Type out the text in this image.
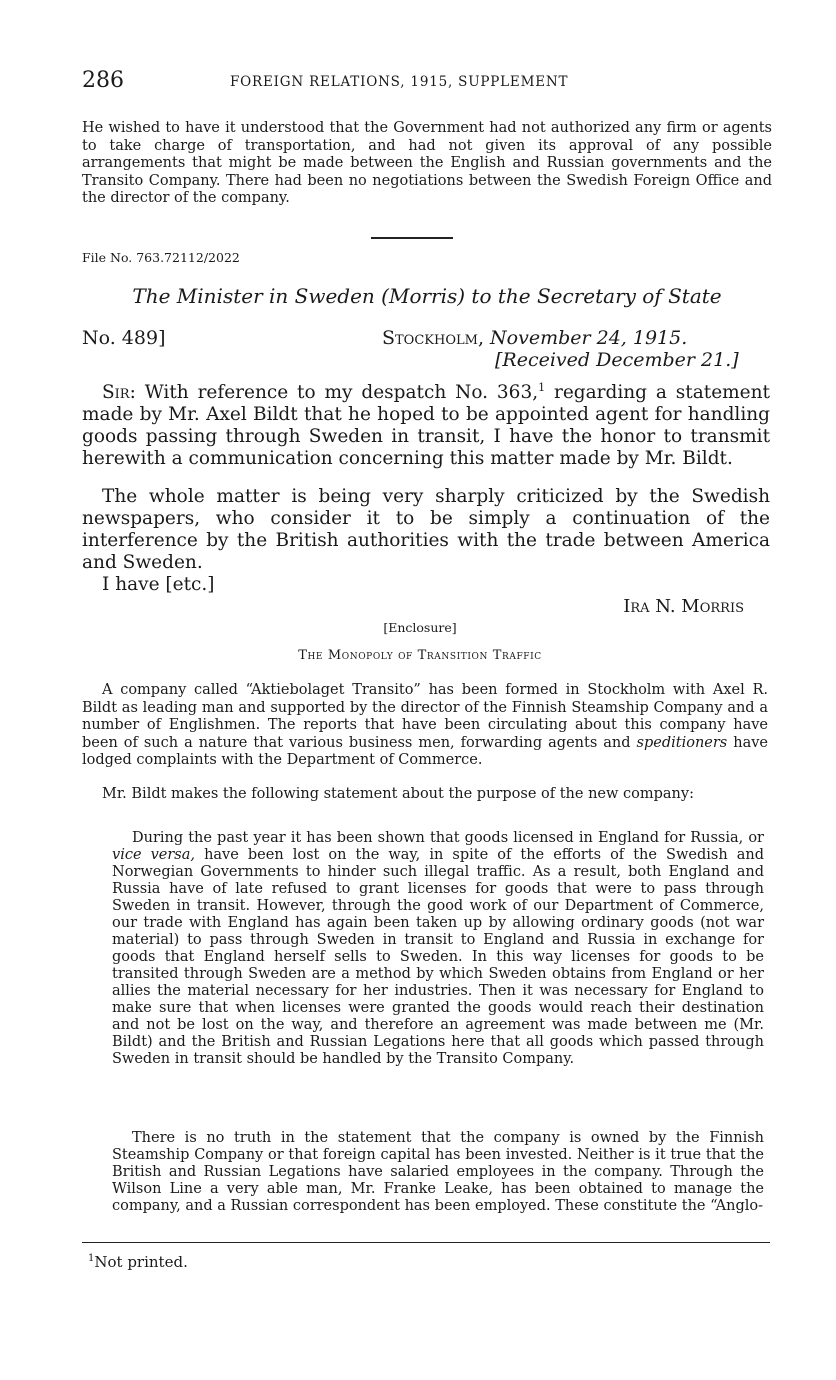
286	FOREIGN RELATIONS, 1915, SUPPLEMENT

He wished to have it understood that the Government had not authorized any firm or agents to take charge of transportation, and had not given its approval of any possible arrangements that might be made between the English and Russian governments and the Transito Company. There had been no negotiations between the Swedish Foreign Office and the director of the company.

File No. 763.72112/2022
The Minister in Sweden (Morris) to the Secretary of State
No. 489]	Stockholm, November 24, 1915.
[Received December 21.]

Sir: With reference to my despatch No. 363,$^1$ regarding a statement made by Mr. Axel Bildt that he hoped to be appointed agent for handling goods passing through Sweden in transit, I have the honor to transmit herewith a communication concerning this matter made by Mr. Bildt.

The whole matter is being very sharply criticized by the Swedish newspapers, who consider it to be simply a continuation of the interference by the British authorities with the trade between America and Sweden.

I have [etc.]

Ira N. Morris
[Enclosure]
The Monopoly of Transition Traffic

A company called “Aktiebolaget Transito” has been formed in Stockholm with Axel R. Bildt as leading man and supported by the director of the Finnish Steamship Company and a number of Englishmen. The reports that have been circulating about this company have been of such a nature that various business men, forwarding agents and speditioners have lodged complaints with the Department of Commerce.

Mr. Bildt makes the following statement about the purpose of the new company:

During the past year it has been shown that goods licensed in England for Russia, or vice versa, have been lost on the way, in spite of the efforts of the Swedish and Norwegian Governments to hinder such illegal traffic. As a result, both England and Russia have of late refused to grant licenses for goods that were to pass through Sweden in transit. However, through the good work of our Department of Commerce, our trade with England has again been taken up by allowing ordinary goods (not war material) to pass through Sweden in transit to England and Russia in exchange for goods that England herself sells to Sweden. In this way licenses for goods to be transited through Sweden are a method by which Sweden obtains from England or her allies the material necessary for her industries. Then it was necessary for England to make sure that when licenses were granted the goods would reach their destination and not be lost on the way, and therefore an agreement was made between me (Mr. Bildt) and the British and Russian Legations here that all goods which passed through Sweden in transit should be handled by the Transito Company.

There is no truth in the statement that the company is owned by the Finnish Steamship Company or that foreign capital has been invested. Neither is it true that the British and Russian Legations have salaried employees in the company. Through the Wilson Line a very able man, Mr. Franke Leake, has been obtained to manage the company, and a Russian correspondent has been employed. These constitute the “Anglo-

$^1$Not printed.
